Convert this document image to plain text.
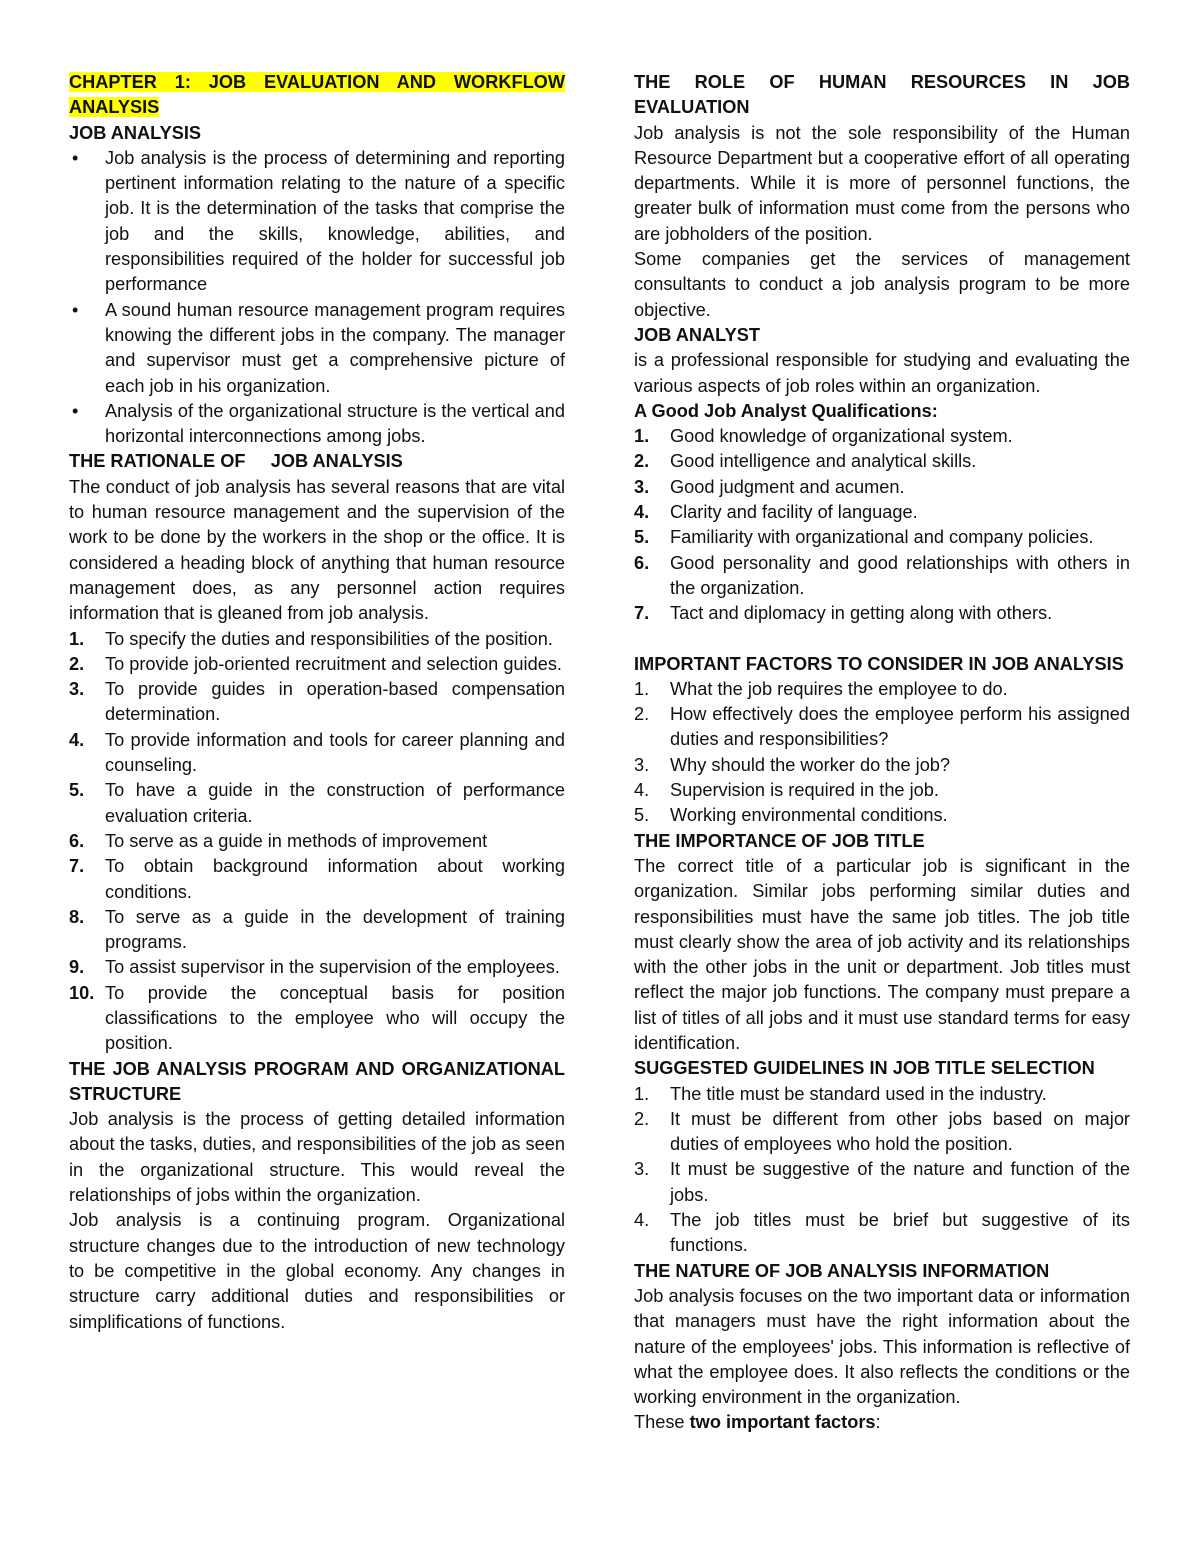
CHAPTER 1: JOB EVALUATION AND WORKFLOW ANALYSIS

JOB ANALYSIS

• Job analysis is the process of determining and reporting pertinent information relating to the nature of a specific job. It is the determination of the tasks that comprise the job and the skills, knowledge, abilities, and responsibilities required of the holder for successful job performance
• A sound human resource management program requires knowing the different jobs in the company. The manager and supervisor must get a comprehensive picture of each job in his organization.
• Analysis of the organizational structure is the vertical and horizontal interconnections among jobs.

THE RATIONALE OF     JOB ANALYSIS

The conduct of job analysis has several reasons that are vital to human resource management and the supervision of the work to be done by the workers in the shop or the office. It is considered a heading block of anything that human resource management does, as any personnel action requires information that is gleaned from job analysis.

1. To specify the duties and responsibilities of the position.
2. To provide job-oriented recruitment and selection guides.
3. To provide guides in operation-based compensation determination.
4. To provide information and tools for career planning and counseling.
5. To have a guide in the construction of performance evaluation criteria.
6. To serve as a guide in methods of improvement
7. To obtain background information about working conditions.
8. To serve as a guide in the development of training programs.
9. To assist supervisor in the supervision of the employees.
10. To provide the conceptual basis for position classifications to the employee who will occupy the position.

THE JOB ANALYSIS PROGRAM AND ORGANIZATIONAL STRUCTURE

Job analysis is the process of getting detailed information about the tasks, duties, and responsibilities of the job as seen in the organizational structure. This would reveal the relationships of jobs within the organization.

Job analysis is a continuing program. Organizational structure changes due to the introduction of new technology to be competitive in the global economy. Any changes in structure carry additional duties and responsibilities or simplifications of functions.

THE ROLE OF HUMAN RESOURCES IN JOB EVALUATION

Job analysis is not the sole responsibility of the Human Resource Department but a cooperative effort of all operating departments. While it is more of personnel functions, the greater bulk of information must come from the persons who are jobholders of the position.

Some companies get the services of management consultants to conduct a job analysis program to be more objective.

JOB ANALYST

is a professional responsible for studying and evaluating the various aspects of job roles within an organization.

A Good Job Analyst Qualifications:

1. Good knowledge of organizational system.
2. Good intelligence and analytical skills.
3. Good judgment and acumen.
4. Clarity and facility of language.
5. Familiarity with organizational and company policies.
6. Good personality and good relationships with others in the organization.
7. Tact and diplomacy in getting along with others.

IMPORTANT FACTORS TO CONSIDER IN JOB ANALYSIS

1. What the job requires the employee to do.
2. How effectively does the employee perform his assigned duties and responsibilities?
3. Why should the worker do the job?
4. Supervision is required in the job.
5. Working environmental conditions.

THE IMPORTANCE OF JOB TITLE

The correct title of a particular job is significant in the organization. Similar jobs performing similar duties and responsibilities must have the same job titles. The job title must clearly show the area of job activity and its relationships with the other jobs in the unit or department. Job titles must reflect the major job functions. The company must prepare a list of titles of all jobs and it must use standard terms for easy identification.

SUGGESTED GUIDELINES IN JOB TITLE SELECTION

1. The title must be standard used in the industry.
2. It must be different from other jobs based on major duties of employees who hold the position.
3. It must be suggestive of the nature and function of the jobs.
4. The job titles must be brief but suggestive of its functions.

THE NATURE OF JOB ANALYSIS INFORMATION

Job analysis focuses on the two important data or information that managers must have the right information about the nature of the employees' jobs. This information is reflective of what the employee does. It also reflects the conditions or the working environment in the organization.

These two important factors:
